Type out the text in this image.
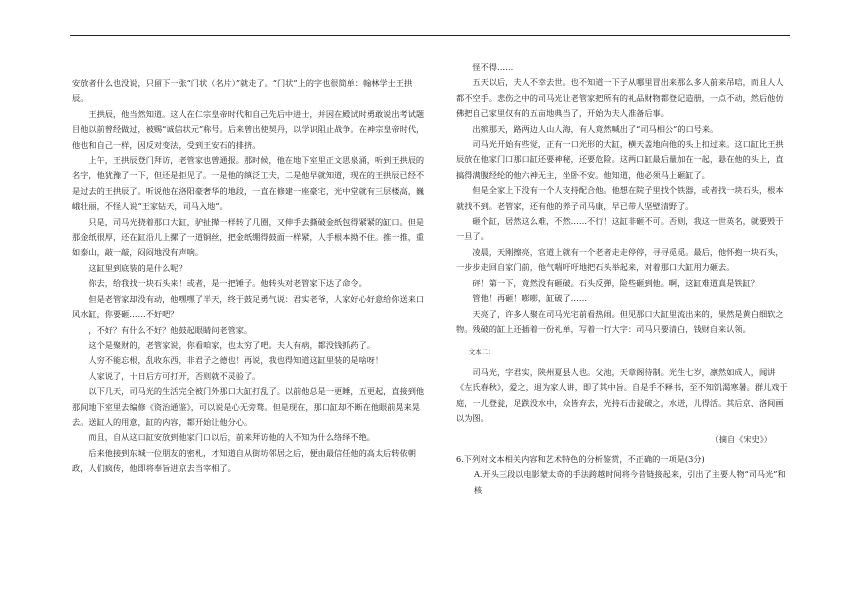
安放者什么也没说，只留下一张“门状（名片）”就走了。“门状”上的字也很简单：翰林学士王拱辰。

王拱辰，他当然知道。这人在仁宗皇帝时代和自己先后中进士，并因在殿试时勇敢说出考试题目他以前曾经做过，被赐“诚信状元”称号。后来曾出使契丹，以学识阻止战争。在神宗皇帝时代，他也和自己一样，因反对变法，受到王安石的排挤。

上午，王拱辰登门拜访，老管家也曾通报。那时候，他在地下室里正文思泉涌，听到王拱辰的名字，他犹豫了一下，但还是拒见了。一是他的缜泛工夫，二是他早就知道，现在的王拱辰已经不是过去的王拱辰了。听说他在洛阳豪奢华的地段，一直在修建一座豪宅，光中堂就有三层楼高，巍峨壮丽，不怪人说“王家钻天，司马入地”。

只是，司马光挠着那口大缸，驴扯撵一样转了几圈，又伸手去撕破金纸包得紧紧的缸口。但是那金纸很厚，还在缸沿儿上摞了一道铜丝，把金纸绷得鼓面一样紧，人手根本拗不住。推一推，重如泰山，敲一敲，闷闷地没有声响。

这缸里到底装的是什么呢？

你去，给我找一块石头来！或者，是一把锤子。他转头对老管家下达了命令。

但是老管家却没有动，他嘿嘿了半天，终于鼓足勇气说：君实老爷，人家好心好意给你送来口风水缸，你要砸……不好吧？

，不好？有什么不好？他鼓起眼睛问老管家。

这个是聚财的，老管家说，你看咱家，也太穷了吧。夫人有病，都没钱抓药了。

人穷不能忘根，乱收东西，非君子之德也！再说，我也得知道这缸里装的是啥呀！

人家说了，十日后方可打开，否则就不灵验了。

以下几天，司马光的生活完全被门外那口大缸打乱了。以前他总是一更睡，五更起，直接到他那间地下室里去编修《资治通鉴》，可以说是心无旁骛。但是现在，那口缸却不断在他眼前晃来晃去。送缸人的用意，缸的内容，都开始让他分心。

而且，自从这口缸安放到他家门口以后，前来拜访他的人不知为什么络绎不绝。

后来他接到东城一位朋友的密札，才知道自从街坊邻居之后，便由最信任他的高太后转依朝政，人们疯传，他即将奉旨进京去当宰相了。

怪不得……

五天以后，夫人不幸去世。也不知道一下子从哪里冒出来那么多人前来吊唁，而且人人都不空手。悲伤之中的司马光让老管家把所有的礼品财物都登记造册，一点不动，然后他仿佛把自己家里仅有的五亩地典当了，开始为夫人准备后事。

出殡那天，路两边人山人海，有人竟然喊出了“司马相公”的口号来。

司马光开始有些觉，正有一口光形的大缸，横天盖地向他的头上扣过来。这口缸比王拱辰放在他家门口那口缸还要神秘，还要危险。这两口缸最后量加在一起，悬在他的头上，直搞得满腹经纶的他六神无主，坐卧不安。他知道，他必须马上砸缸了。

但是全家上下没有一个人支持配合他。他想在院子里找个铁器，或者找一块石头，根本就找不到。老管家，还有他的养子司马康，早已带人坚壁清野了。

砸个缸，居然这么难，不然……不行！这缸非砸不可。否则，我这一世英名，就要毁于一旦了。

凌晨，天刚擦亮，官道上就有一个老者走走停停，寻寻觅觅。最后，他怀抱一块石头，一步步走回自家门前，他气喘吁吁地把石头举起来，对着那口大缸用力砸去。

砰！第一下，竟然没有砸破。石头反弹，险些砸到他。啊，这缸难道真是铁缸？

管他！再砸！嘭嘭，缸破了……

天亮了，许多人聚在司马光宅前看热闹。但见那口大缸里流出来的，果然是黄白细软之物。残破的缸上还插着一份礼单，写着一行大字：司马只要清白，钱财自来认领。

文本二：

司马光，字君实，陕州夏县人也。父池，天章阁待制。光生七岁，凛然如成人，闻讲《左氏春秋》，爱之，退为家人讲，即了其中旨。自是手不释书，至不知饥渴寒暑。群儿戏于庭，一儿登瓮，足跌没水中，众皆弃去，光持石击瓮破之，水迸，儿得活。其后京、洛间画以为图。

（摘自《宋史》）

6.下列对文本相关内容和艺术特色的分析鉴赏，不正确的一项是(3分)

A.开头三段以电影蒙太奇的手法跨越时间将今昔链接起来，引出了主要人物“司马光”和核
